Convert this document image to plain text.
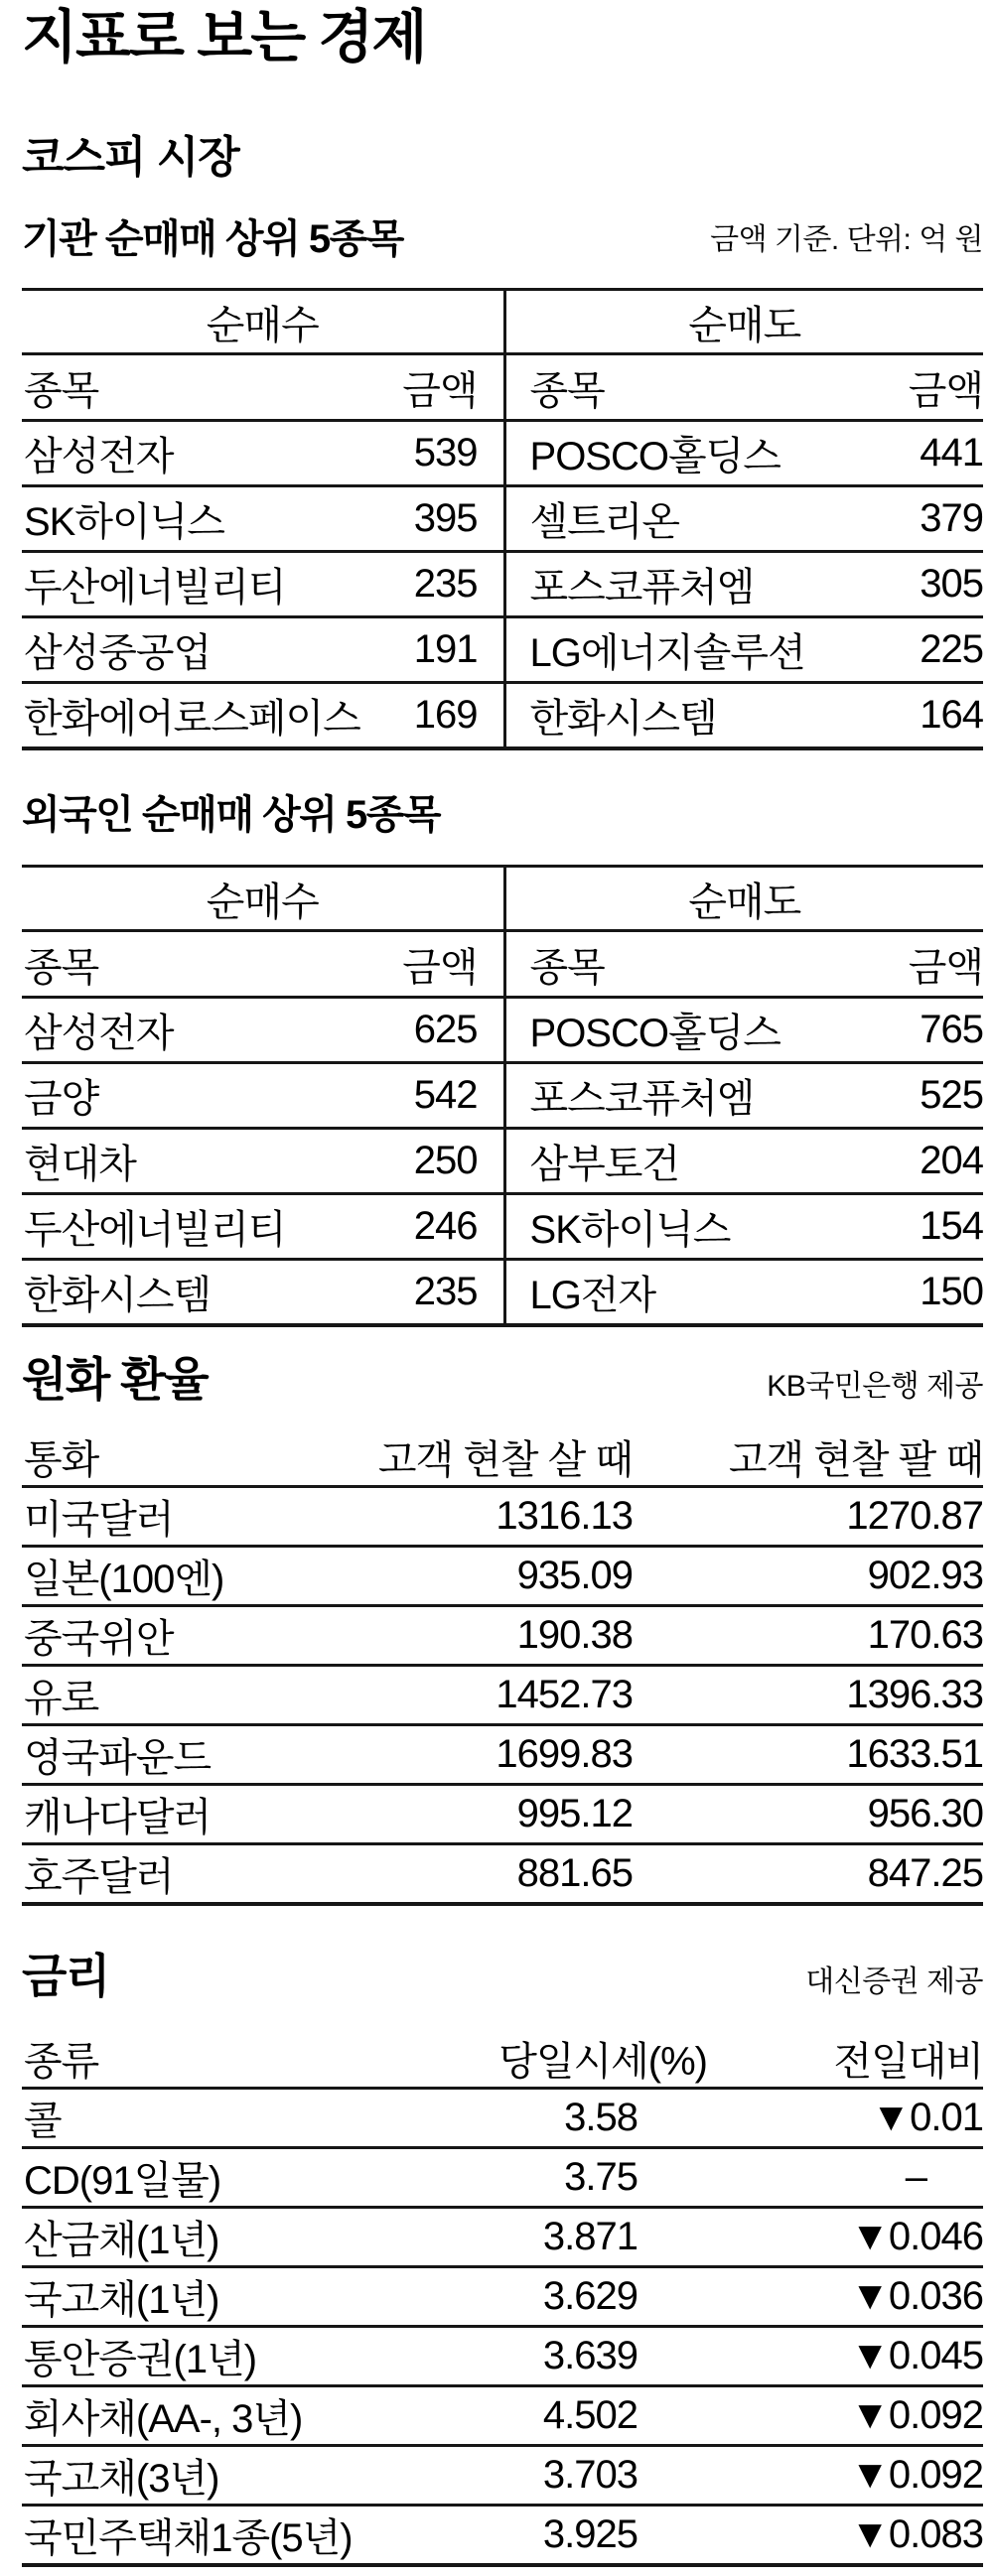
지표로 보는 경제
코스피 시장
기관 순매매 상위 5종목	금액 기준. 단위: 억 원
순매수		순매도	
종목	금액	종목	금액
삼성전자	539	POSCO홀딩스	441
SK하이닉스	395	셀트리온	379
두산에너빌리티	235	포스코퓨처엠	305
삼성중공업	191	LG에너지솔루션	225
한화에어로스페이스	169	한화시스템	164
외국인 순매매 상위 5종목
순매수		순매도	
종목	금액	종목	금액
삼성전자	625	POSCO홀딩스	765
금양	542	포스코퓨처엠	525
현대차	250	삼부토건	204
두산에너빌리티	246	SK하이닉스	154
한화시스템	235	LG전자	150
원화 환율	KB국민은행 제공
통화	고객 현찰 살 때	고객 현찰 팔 때
미국달러	1316.13	1270.87
일본(100엔)	935.09	902.93
중국위안	190.38	170.63
유로	1452.73	1396.33
영국파운드	1699.83	1633.51
캐나다달러	995.12	956.30
호주달러	881.65	847.25
금리	대신증권 제공
종류	당일시세(%)	전일대비
콜	3.58	▼0.01
CD(91일물)	3.75	–
산금채(1년)	3.871	▼0.046
국고채(1년)	3.629	▼0.036
통안증권(1년)	3.639	▼0.045
회사채(AA-, 3년)	4.502	▼0.092
국고채(3년)	3.703	▼0.092
국민주택채1종(5년)	3.925	▼0.083
